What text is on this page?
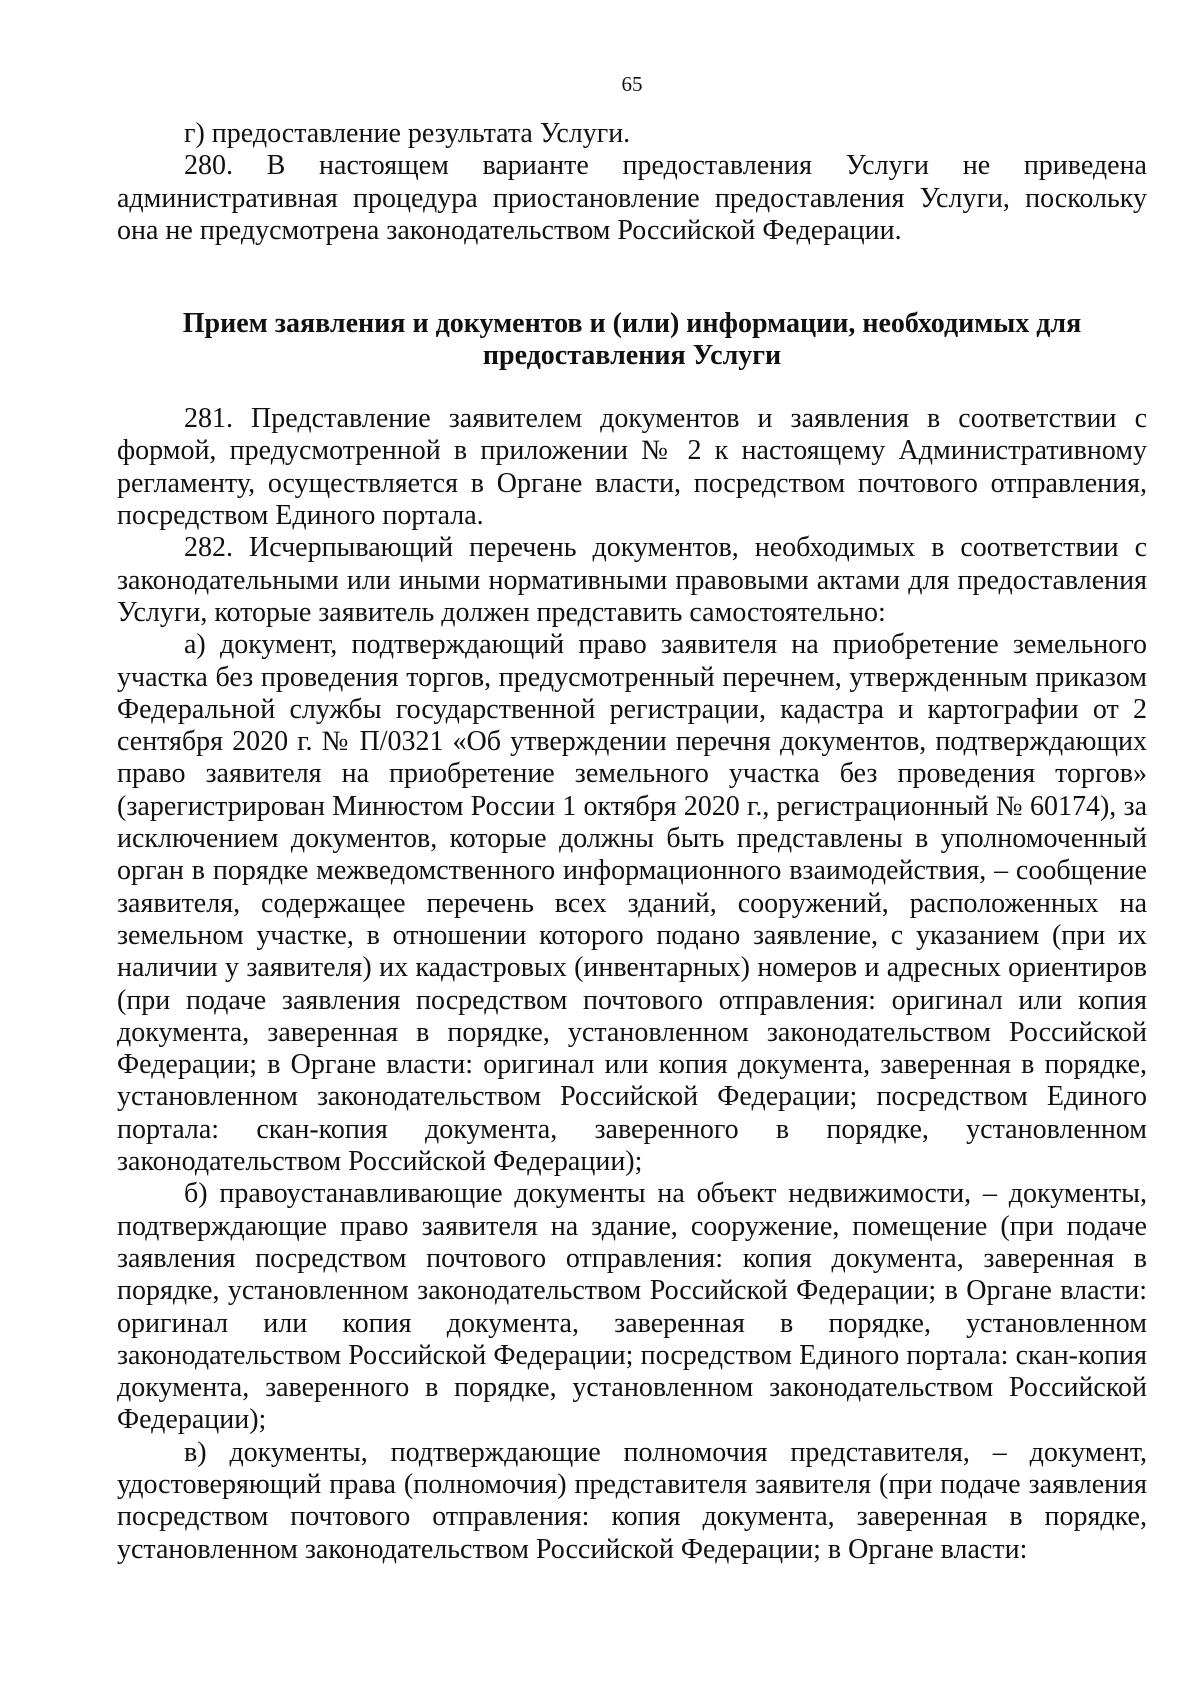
65

г) предоставление результата Услуги.

280. В настоящем варианте предоставления Услуги не приведена административная процедура приостановление предоставления Услуги, поскольку она не предусмотрена законодательством Российской Федерации.

Прием заявления и документов и (или) информации, необходимых для
предоставления Услуги

281. Представление заявителем документов и заявления в соответствии с формой, предусмотренной в приложении № 2 к настоящему Административному регламенту, осуществляется в Органе власти, посредством почтового отправления, посредством Единого портала.

282. Исчерпывающий перечень документов, необходимых в соответствии с законодательными или иными нормативными правовыми актами для предоставления Услуги, которые заявитель должен представить самостоятельно:

а) документ, подтверждающий право заявителя на приобретение земельного участка без проведения торгов, предусмотренный перечнем, утвержденным приказом Федеральной службы государственной регистрации, кадастра и картографии от 2 сентября 2020 г. № П/0321 «Об утверждении перечня документов, подтверждающих право заявителя на приобретение земельного участка без проведения торгов» (зарегистрирован Минюстом России 1 октября 2020 г., регистрационный № 60174), за исключением документов, которые должны быть представлены в уполномоченный орган в порядке межведомственного информационного взаимодействия, – сообщение заявителя, содержащее перечень всех зданий, сооружений, расположенных на земельном участке, в отношении которого подано заявление, с указанием (при их наличии у заявителя) их кадастровых (инвентарных) номеров и адресных ориентиров (при подаче заявления посредством почтового отправления: оригинал или копия документа, заверенная в порядке, установленном законодательством Российской Федерации; в Органе власти: оригинал или копия документа, заверенная в порядке, установленном законодательством Российской Федерации; посредством Единого портала: скан-копия документа, заверенного в порядке, установленном законодательством Российской Федерации);

б) правоустанавливающие документы на объект недвижимости, – документы, подтверждающие право заявителя на здание, сооружение, помещение (при подаче заявления посредством почтового отправления: копия документа, заверенная в порядке, установленном законодательством Российской Федерации; в Органе власти: оригинал или копия документа, заверенная в порядке, установленном законодательством Российской Федерации; посредством Единого портала: скан-копия документа, заверенного в порядке, установленном законодательством Российской Федерации);

в) документы, подтверждающие полномочия представителя, – документ, удостоверяющий права (полномочия) представителя заявителя (при подаче заявления посредством почтового отправления: копия документа, заверенная в порядке, установленном законодательством Российской Федерации; в Органе власти:
